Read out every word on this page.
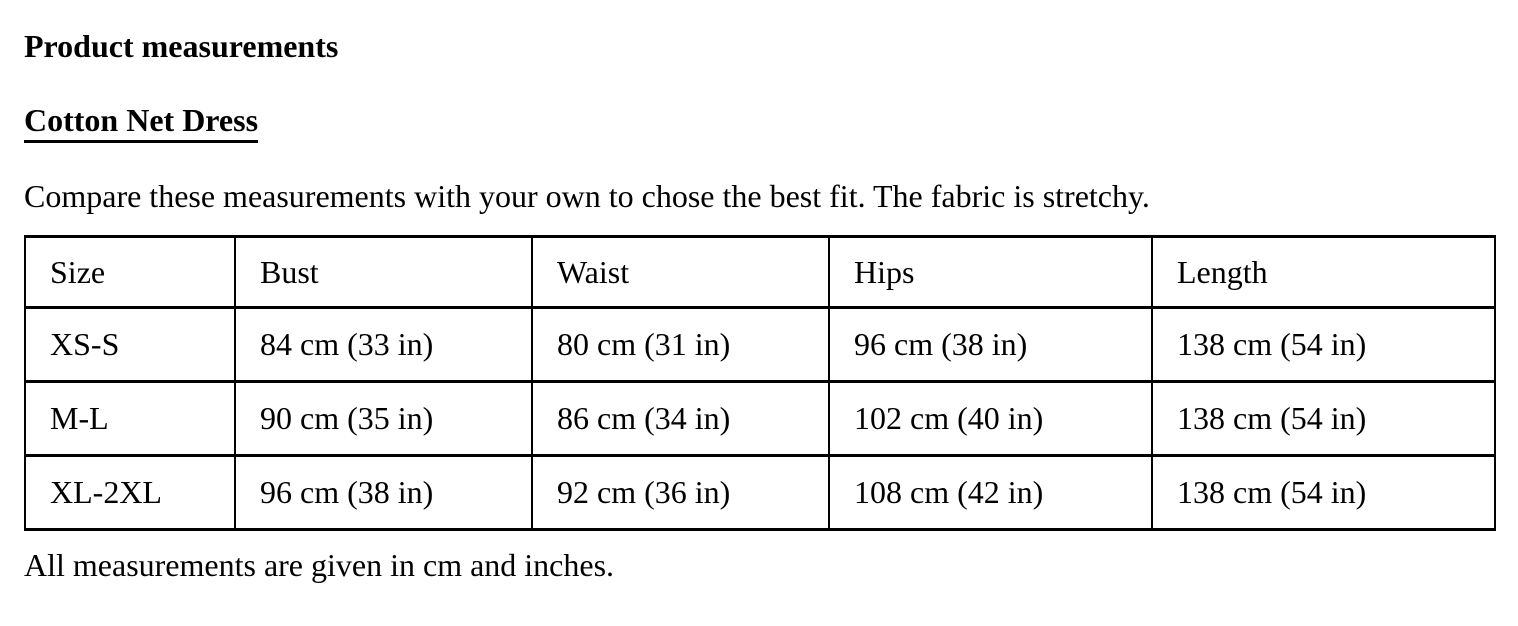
Product measurements
Cotton Net Dress

Compare these measurements with your own to chose the best fit. The fabric is stretchy.

Size	Bust	Waist	Hips	Length
XS-S	84 cm (33 in)	80 cm (31 in)	96 cm (38 in)	138 cm (54 in)
M-L	90 cm (35 in)	86 cm (34 in)	102 cm (40 in)	138 cm (54 in)
XL-2XL	96 cm (38 in)	92 cm (36 in)	108 cm (42 in)	138 cm (54 in)

All measurements are given in cm and inches.
